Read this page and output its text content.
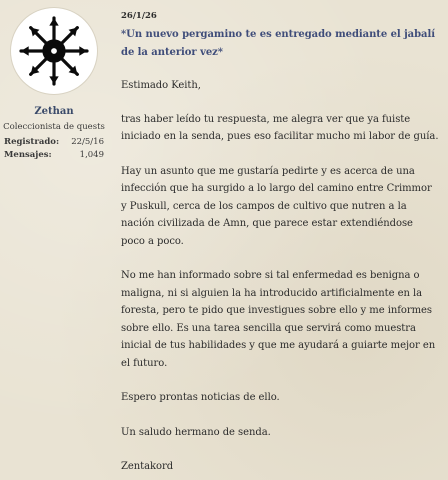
Zethan
Coleccionista de quests
Registrado: 22/5/16
Mensajes:	1,049

26/1/26

*Un nuevo pergamino te es entregado mediante el jabalí de la anterior vez*

Estimado Keith,

tras haber leído tu respuesta, me alegra ver que ya fuiste iniciado en la senda, pues eso facilitar mucho mi labor de guía.

Hay un asunto que me gustaría pedirte y es acerca de una infección que ha surgido a lo largo del camino entre Crimmor y Puskull, cerca de los campos de cultivo que nutren a la nación civilizada de Amn, que parece estar extendiéndose poco a poco.

No me han informado sobre si tal enfermedad es benigna o maligna, ni si alguien la ha introducido artificialmente en la foresta, pero te pido que investigues sobre ello y me informes sobre ello. Es una tarea sencilla que servirá como muestra inicial de tus habilidades y que me ayudará a guiarte mejor en el futuro.

Espero prontas noticias de ello.

Un saludo hermano de senda.

Zentakord
